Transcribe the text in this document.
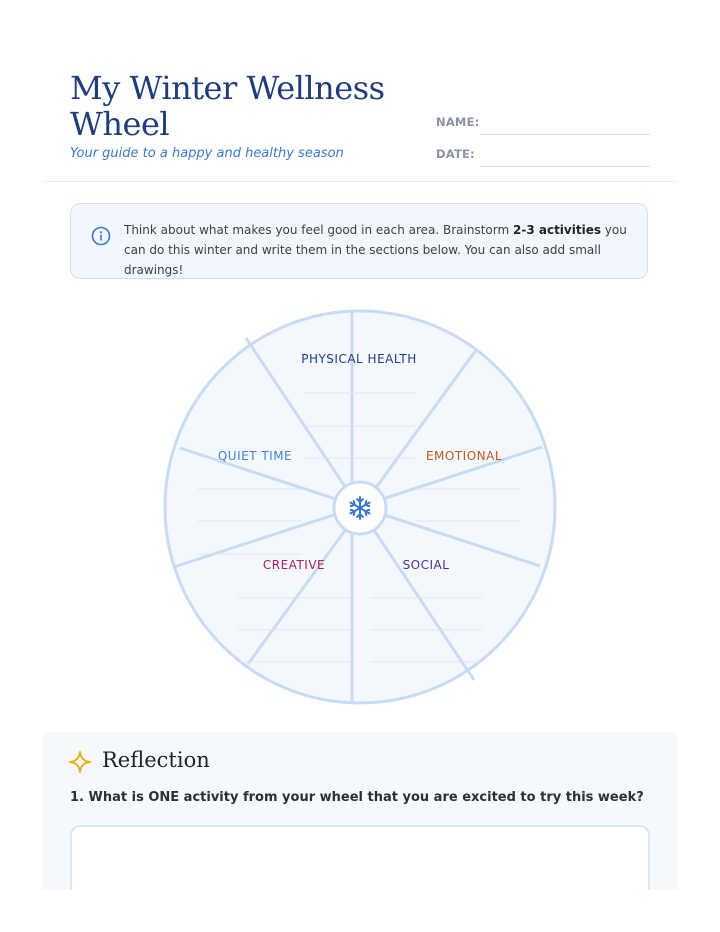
My Winter Wellness
Wheel

Your guide to a happy and healthy season

NAME:
DATE:
Think about what makes you feel good in each area. Brainstorm 2-3 activities you can do this winter and write them in the sections below. You can also add small drawings!
PHYSICAL HEALTH
EMOTIONAL
SOCIAL
CREATIVE
QUIET TIME
Reflection

1. What is ONE activity from your wheel that you are excited to try this week?
